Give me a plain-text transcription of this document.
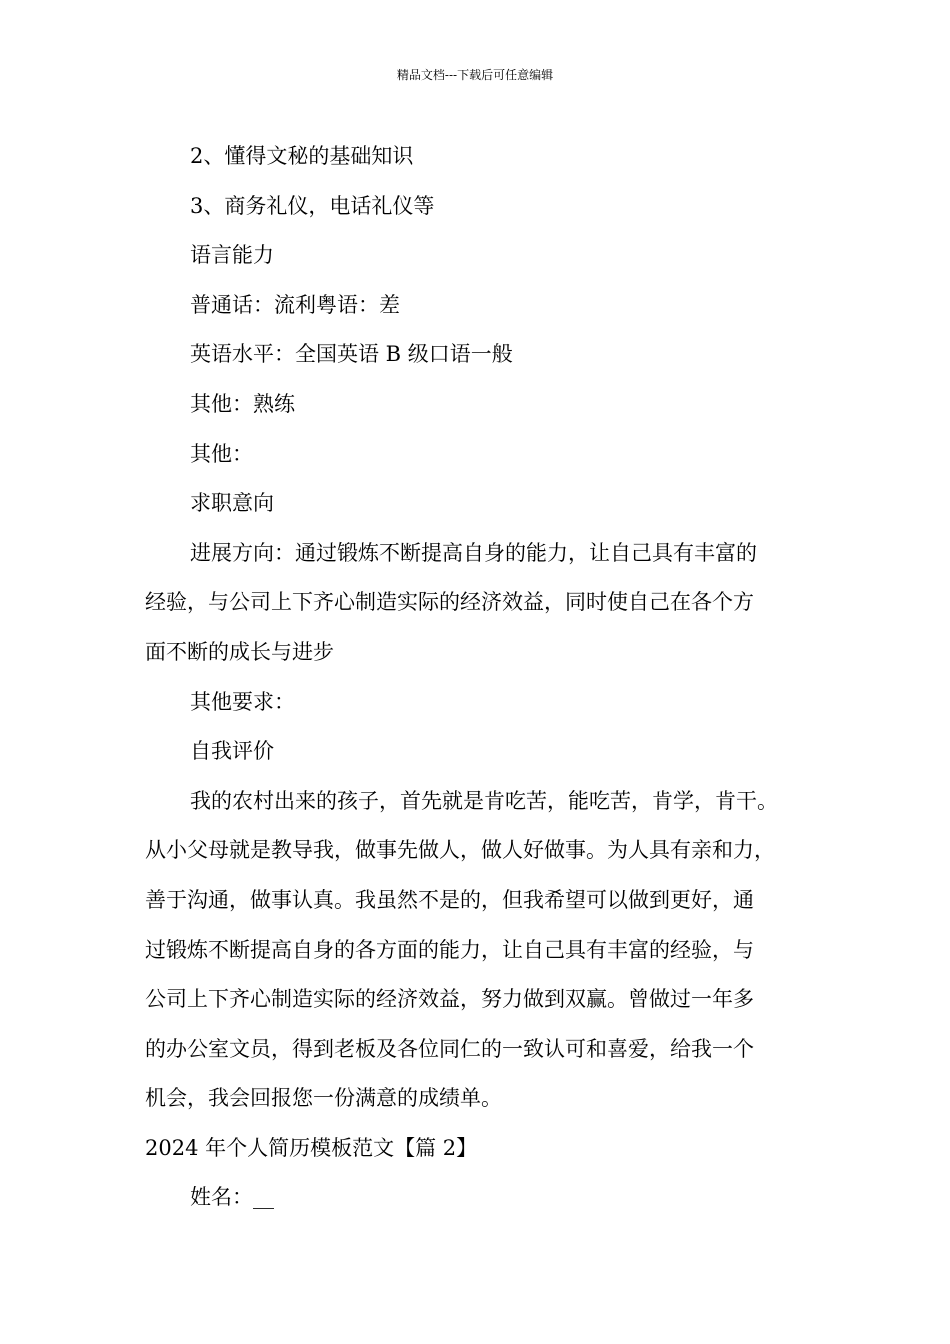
精品文档---下载后可任意编辑
2、懂得文秘的基础知识
3、商务礼仪，电话礼仪等
语言能力
普通话：流利粤语：差
英语水平：全国英语 B 级口语一般
其他：熟练
其他：
求职意向
进展方向：通过锻炼不断提高自身的能力，让自己具有丰富的
经验，与公司上下齐心制造实际的经济效益，同时使自己在各个方
面不断的成长与进步
其他要求：
自我评价
我的农村出来的孩子，首先就是肯吃苦，能吃苦，肯学，肯干。
从小父母就是教导我，做事先做人，做人好做事。为人具有亲和力，
善于沟通，做事认真。我虽然不是的，但我希望可以做到更好，通
过锻炼不断提高自身的各方面的能力，让自己具有丰富的经验，与
公司上下齐心制造实际的经济效益，努力做到双赢。曾做过一年多
的办公室文员，得到老板及各位同仁的一致认可和喜爱，给我一个
机会，我会回报您一份满意的成绩单。
2024 年个人简历模板范文【篇 2】
姓名：__
